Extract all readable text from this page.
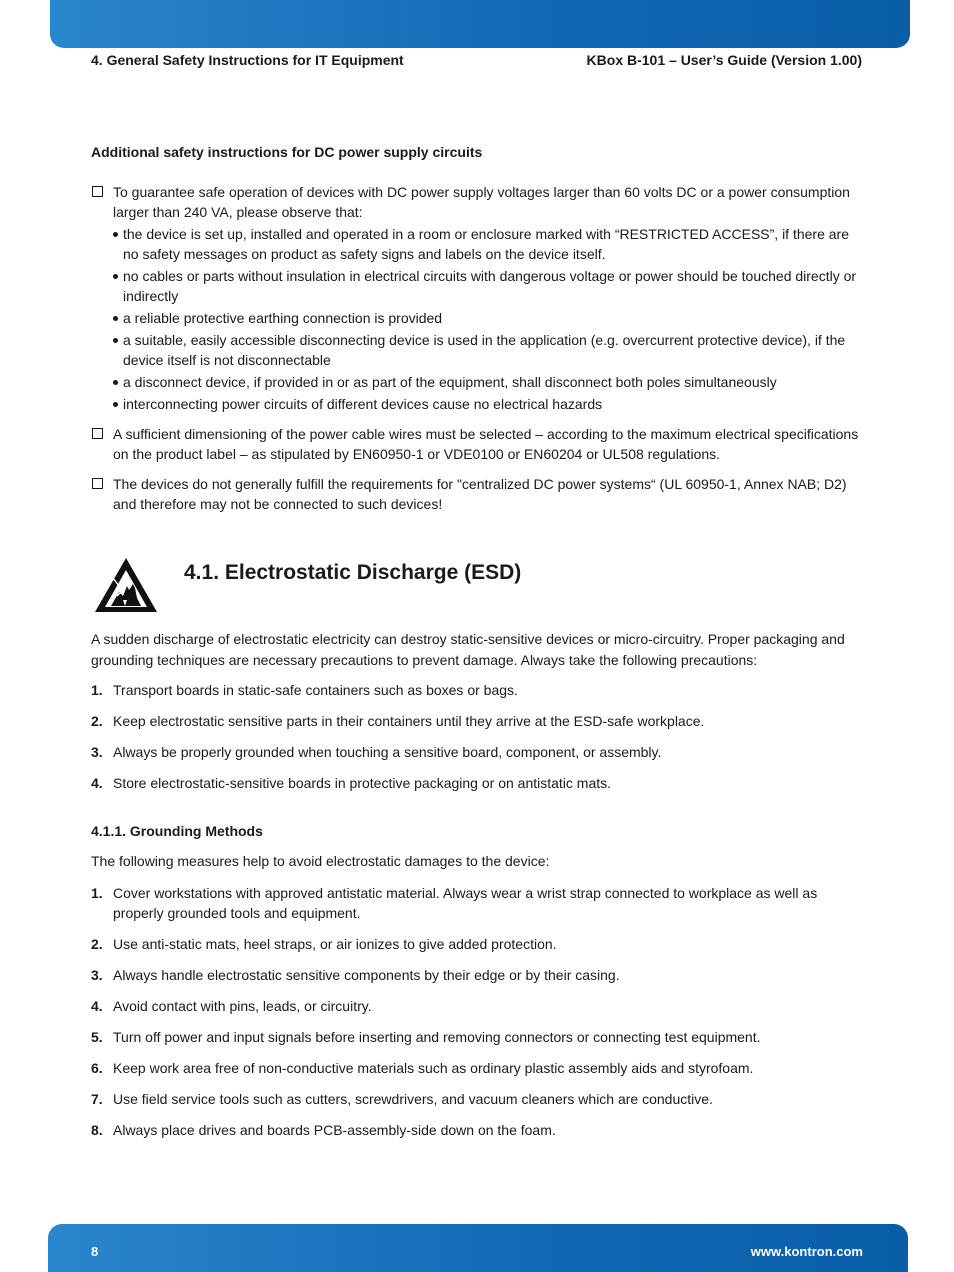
4. General Safety Instructions for IT Equipment	KBox B-101 – User’s Guide (Version 1.00)
Additional safety instructions for DC power supply circuits
To guarantee safe operation of devices with DC power supply voltages larger than 60 volts DC or a power consumption larger than 240 VA, please observe that:
the device is set up, installed and operated in a room or enclosure marked with “RESTRICTED ACCESS”, if there are no safety messages on product as safety signs and labels on the device itself.
no cables or parts without insulation in electrical circuits with dangerous voltage or power should be touched directly or indirectly
a reliable protective earthing connection is provided
a suitable, easily accessible disconnecting device is used in the application (e.g. overcurrent protective device), if the device itself is not disconnectable
a disconnect device, if provided in or as part of the equipment, shall disconnect both poles simultaneously
interconnecting power circuits of different devices cause no electrical hazards
A sufficient dimensioning of the power cable wires must be selected – according to the maximum electrical specifications on the product label – as stipulated by EN60950-1 or VDE0100 or EN60204 or UL508 regulations.
The devices do not generally fulfill the requirements for "centralized DC power systems“ (UL 60950-1, Annex NAB; D2) and therefore may not be connected to such devices!
4.1. Electrostatic Discharge (ESD)
A sudden discharge of electrostatic electricity can destroy static-sensitive devices or micro-circuitry. Proper packaging and grounding techniques are necessary precautions to prevent damage. Always take the following precautions:
1. Transport boards in static-safe containers such as boxes or bags.
2. Keep electrostatic sensitive parts in their containers until they arrive at the ESD-safe workplace.
3. Always be properly grounded when touching a sensitive board, component, or assembly.
4. Store electrostatic-sensitive boards in protective packaging or on antistatic mats.
4.1.1. Grounding Methods
The following measures help to avoid electrostatic damages to the device:
1. Cover workstations with approved antistatic material. Always wear a wrist strap connected to workplace as well as properly grounded tools and equipment.
2. Use anti-static mats, heel straps, or air ionizes to give added protection.
3. Always handle electrostatic sensitive components by their edge or by their casing.
4. Avoid contact with pins, leads, or circuitry.
5. Turn off power and input signals before inserting and removing connectors or connecting test equipment.
6. Keep work area free of non-conductive materials such as ordinary plastic assembly aids and styrofoam.
7. Use field service tools such as cutters, screwdrivers, and vacuum cleaners which are conductive.
8. Always place drives and boards PCB-assembly-side down on the foam.
8	www.kontron.com
